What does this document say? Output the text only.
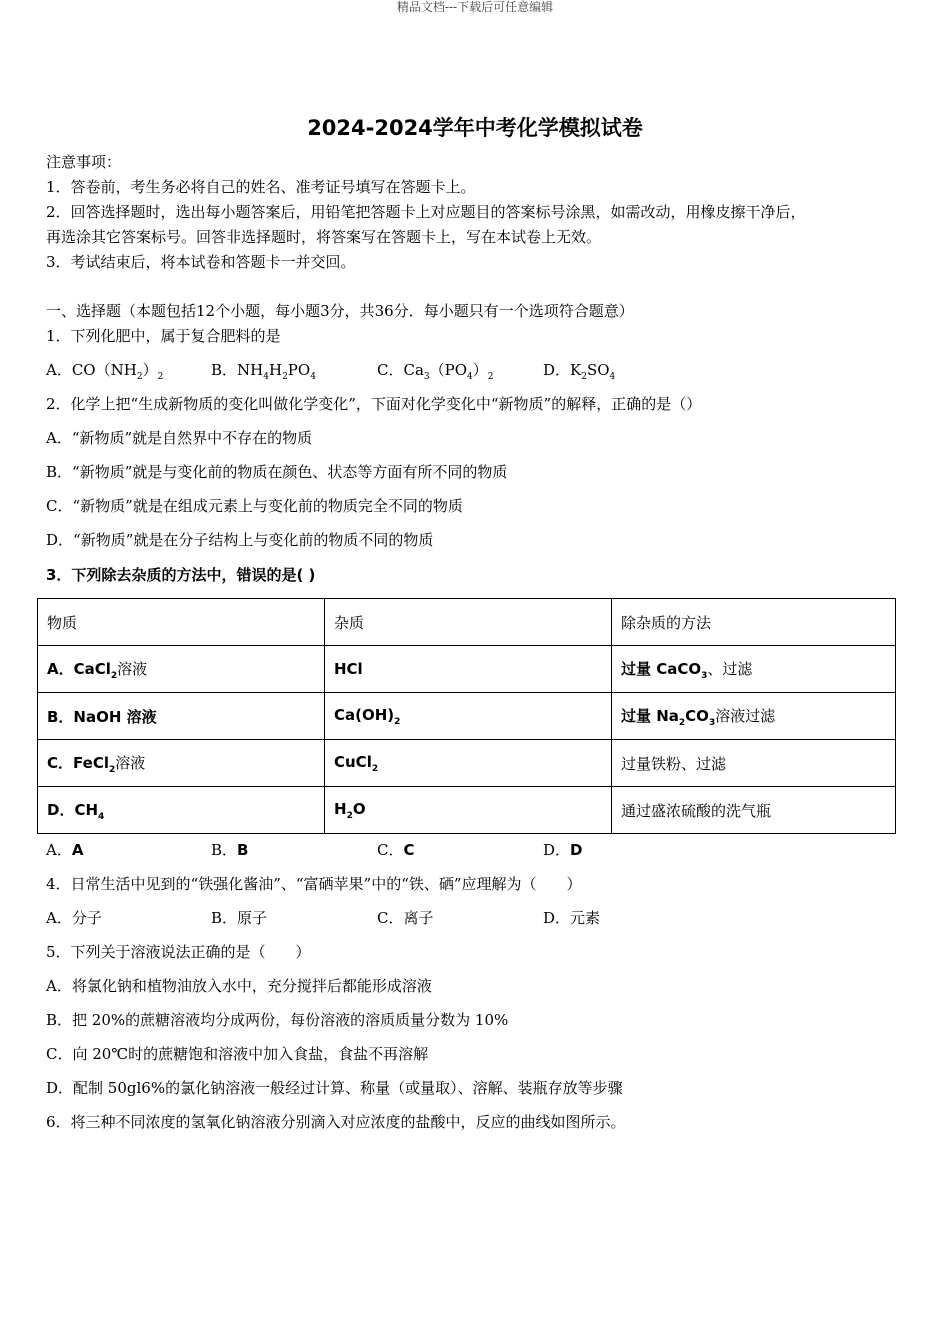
精品文档---下载后可任意编辑
2024-2024学年中考化学模拟试卷
注意事项：
1．答卷前，考生务必将自己的姓名、准考证号填写在答题卡上。
2．回答选择题时，选出每小题答案后，用铅笔把答题卡上对应题目的答案标号涂黑，如需改动，用橡皮擦干净后，
再选涂其它答案标号。回答非选择题时，将答案写在答题卡上，写在本试卷上无效。
3．考试结束后，将本试卷和答题卡一并交回。
一、选择题（本题包括12个小题，每小题3分，共36分．每小题只有一个选项符合题意）
1．下列化肥中，属于复合肥料的是
A．$CO(NH_2)_2$	B．$NH_4H_2PO_4$	C．$Ca_3(PO_4)_2$	D．$K_2SO_4$
2．化学上把“生成新物质的变化叫做化学变化”，下面对化学变化中“新物质”的解释，正确的是（）
A．“新物质”就是自然界中不存在的物质
B．“新物质”就是与变化前的物质在颜色、状态等方面有所不同的物质
C．“新物质”就是在组成元素上与变化前的物质完全不同的物质
D．“新物质”就是在分子结构上与变化前的物质不同的物质
3．下列除去杂质的方法中，错误的是( )
物质	杂质	除杂质的方法
A．CaCl$_2$溶液	HCl	过量 CaCO$_3$、过滤
B．NaOH 溶液	$Ca(OH)_2$	过量 $Na_2CO_3$溶液过滤
C．FeCl$_2$溶液	CuCl$_2$	过量铁粉、过滤
D．$CH_4$	$H_2O$	通过盛浓硫酸的洗气瓶
A．A	B．B	C．C	D．D
4．日常生活中见到的“铁强化酱油”、“富硒苹果”中的“铁、硒”应理解为（　　）
A．分子	B．原子	C．离子	D．元素
5．下列关于溶液说法正确的是（　　）
A．将氯化钠和植物油放入水中，充分搅拌后都能形成溶液
B．把 20%的蔗糖溶液均分成两份，每份溶液的溶质质量分数为 10%
C．向 20℃时的蔗糖饱和溶液中加入食盐，食盐不再溶解
D．配制 50gl6%的氯化钠溶液一般经过计算、称量（或量取）、溶解、装瓶存放等步骤
6．将三种不同浓度的氢氧化钠溶液分别滴入对应浓度的盐酸中，反应的曲线如图所示。
